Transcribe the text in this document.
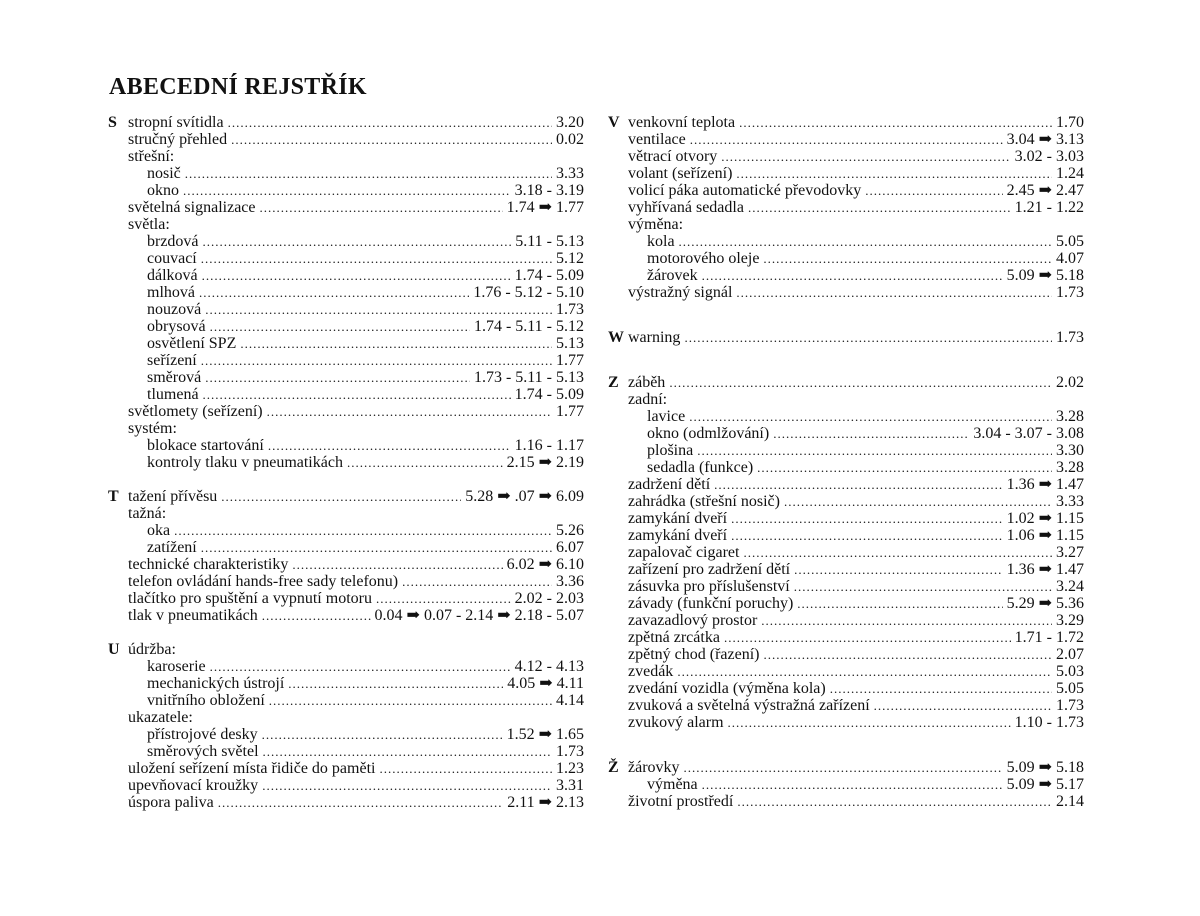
ABECEDNÍ REJSTŘÍK
S stropní svítidla .....	3.20
stručný přehled .....	0.02
střešní:
nosič .....	3.33
okno .....	3.18 - 3.19
světelná signalizace .....	1.74 ➡ 1.77
světla:
brzdová .....	5.11 - 5.13
couvací .....	5.12
dálková .....	1.74 - 5.09
mlhová .....	1.76 - 5.12 - 5.10
nouzová .....	1.73
obrysová .....	1.74 - 5.11 - 5.12
osvětlení SPZ .....	5.13
seřízení .....	1.77
směrová .....	1.73 - 5.11 - 5.13
tlumená .....	1.74 - 5.09
světlomety (seřízení) .....	1.77
systém:
blokace startování .....	1.16 - 1.17
kontroly tlaku v pneumatikách .....	2.15 ➡ 2.19
T tažení přívěsu .....	5.28 ➡ .07 ➡ 6.09
tažná:
oka .....	5.26
zatížení .....	6.07
technické charakteristiky .....	6.02 ➡ 6.10
telefon ovládání hands-free sady telefonu) .....	3.36
tlačítko pro spuštění a vypnutí motoru .....	2.02 - 2.03
tlak v pneumatikách .....	0.04 ➡ 0.07 - 2.14 ➡ 2.18 - 5.07
U údržba:
karoserie .....	4.12 - 4.13
mechanických ústrojí .....	4.05 ➡ 4.11
vnitřního obložení .....	4.14
ukazatele:
přístrojové desky .....	1.52 ➡ 1.65
směrových světel .....	1.73
uložení seřízení místa řidiče do paměti .....	1.23
upevňovací kroužky .....	3.31
úspora paliva .....	2.11 ➡ 2.13
V venkovní teplota .....	1.70
ventilace .....	3.04 ➡ 3.13
větrací otvory .....	3.02 - 3.03
volant (seřízení) .....	1.24
volicí páka automatické převodovky .....	2.45 ➡ 2.47
vyhřívaná sedadla .....	1.21 - 1.22
výměna:
kola .....	5.05
motorového oleje .....	4.07
žárovek .....	5.09 ➡ 5.18
výstražný signál .....	1.73
W warning .....	1.73
Z záběh .....	2.02
zadní:
lavice .....	3.28
okno (odmlžování) .....	3.04 - 3.07 - 3.08
plošina .....	3.30
sedadla (funkce) .....	3.28
zadržení dětí .....	1.36 ➡ 1.47
zahrádka (střešní nosič) .....	3.33
zamykání dveří .....	1.02 ➡ 1.15
zamykání dveří .....	1.06 ➡ 1.15
zapalovač cigaret .....	3.27
zařízení pro zadržení dětí .....	1.36 ➡ 1.47
zásuvka pro příslušenství .....	3.24
závady (funkční poruchy) .....	5.29 ➡ 5.36
zavazadlový prostor .....	3.29
zpětná zrcátka .....	1.71 - 1.72
zpětný chod (řazení) .....	2.07
zvedák .....	5.03
zvedání vozidla (výměna kola) .....	5.05
zvuková a světelná výstražná zařízení .....	1.73
zvukový alarm .....	1.10 - 1.73
Ž žárovky .....	5.09 ➡ 5.18
výměna .....	5.09 ➡ 5.17
životní prostředí .....	2.14
